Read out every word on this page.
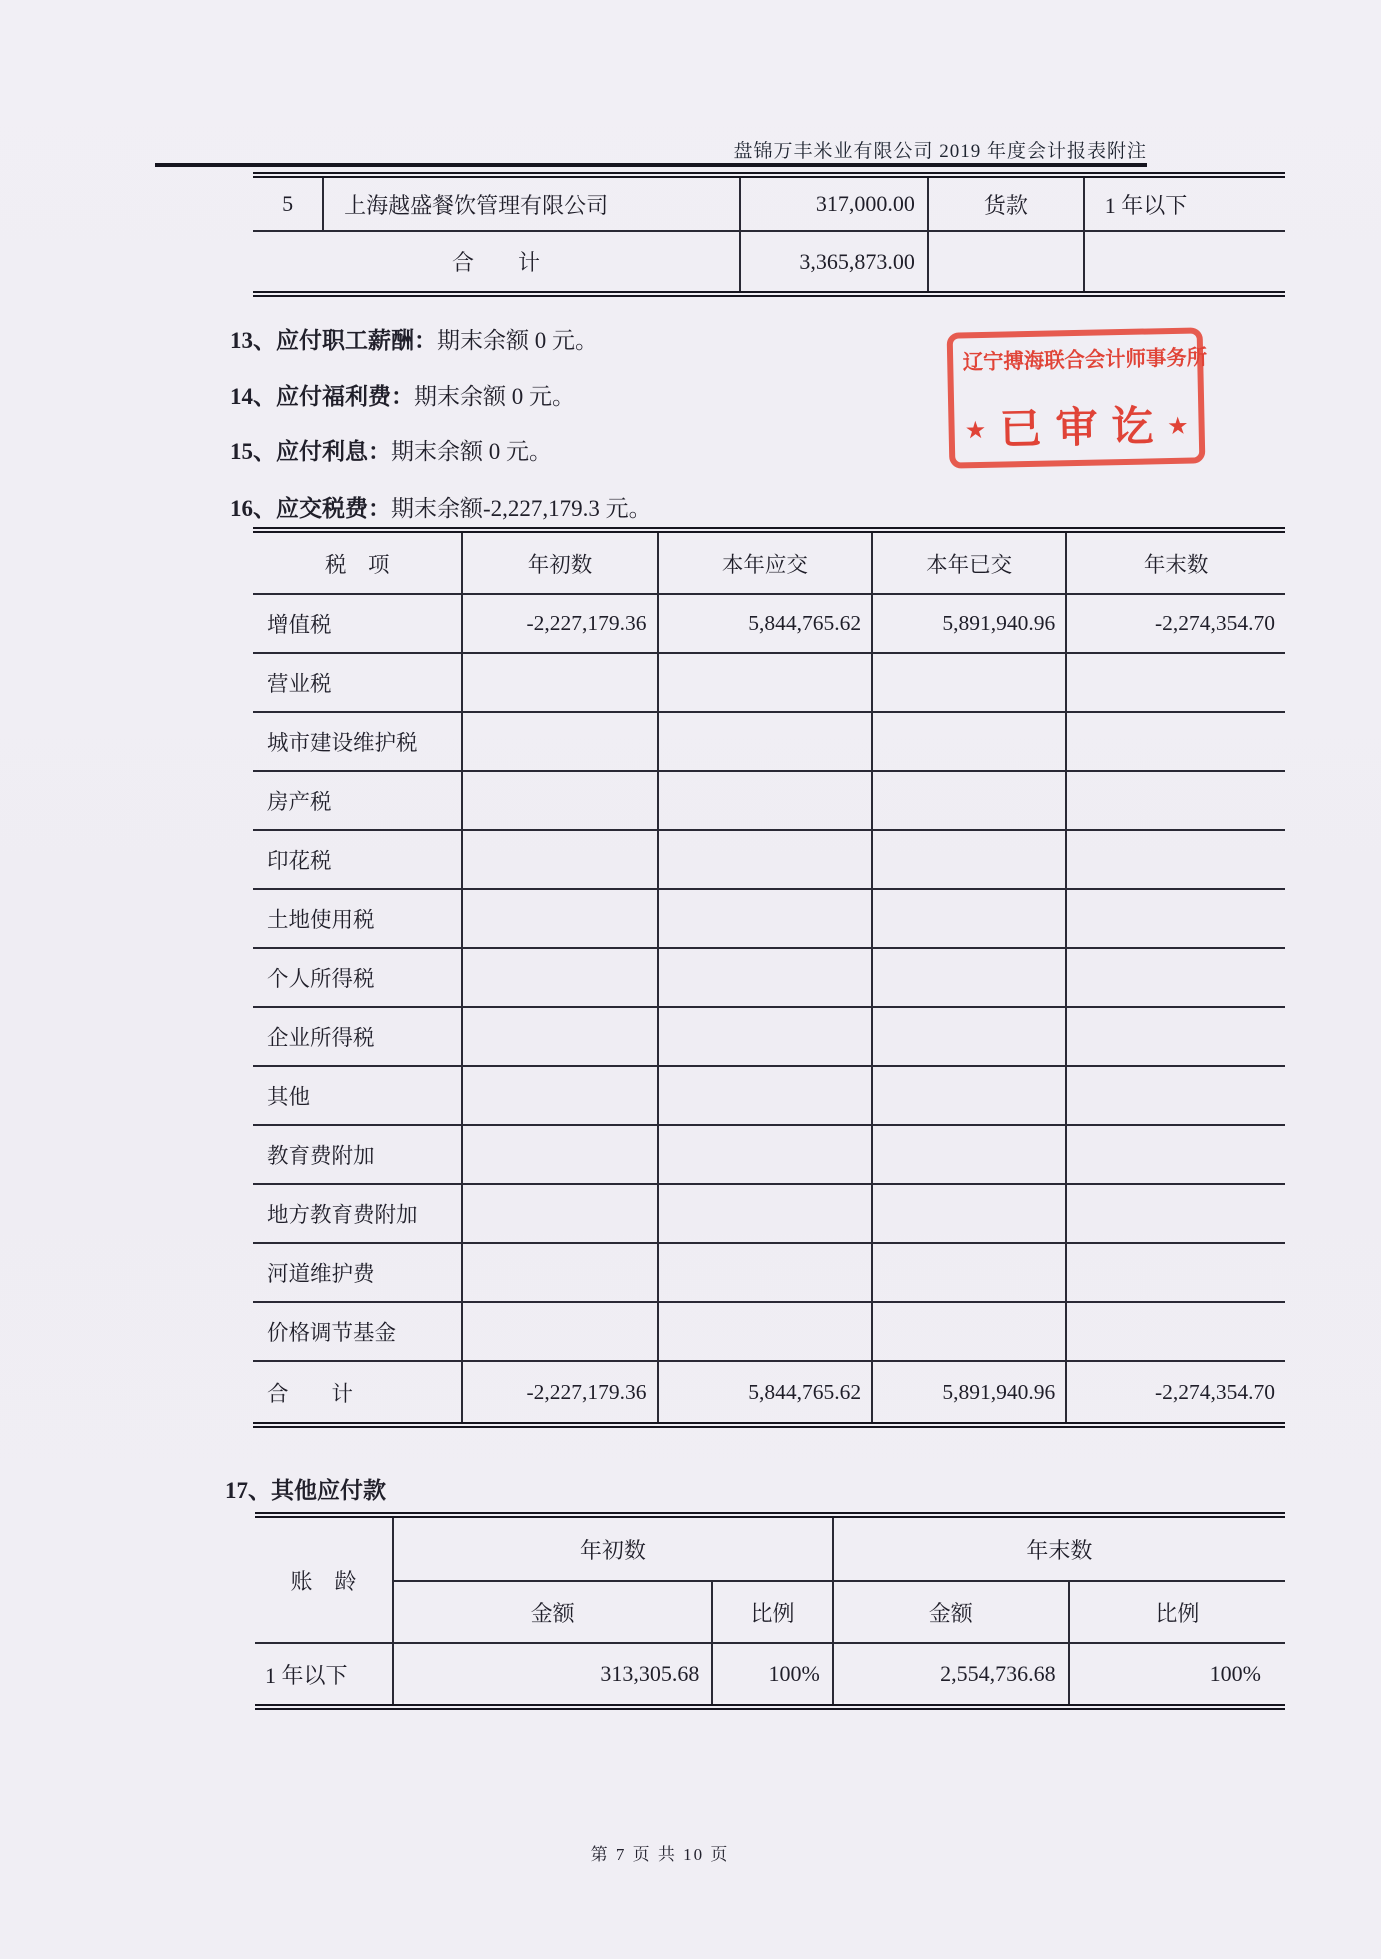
盘锦万丰米业有限公司 2019 年度会计报表附注
5	上海越盛餐饮管理有限公司	317,000.00	货款	1 年以下
合　　计		3,365,873.00		

13、应付职工薪酬：期末余额 0 元。

14、应付福利费：期末余额 0 元。

15、应付利息：期末余额 0 元。

16、应交税费：期末余额-2,227,179.3 元。

辽宁搏海联合会计师事务所
★ 已审讫
★
税　项	年初数	本年应交	本年已交	年末数
增值税	-2,227,179.36	5,844,765.62	5,891,940.96	-2,274,354.70
营业税				
城市建设维护税				
房产税				
印花税				
土地使用税				
个人所得税				
企业所得税				
其他				
教育费附加				
地方教育费附加				
河道维护费				
价格调节基金				
合　　计	-2,227,179.36	5,844,765.62	5,891,940.96	-2,274,354.70

17、其他应付款

账　龄	年初数		年末数	
	金额	比例	金额	比例
1 年以下	313,305.68	100%	2,554,736.68	100%
第 7 页 共 10 页
